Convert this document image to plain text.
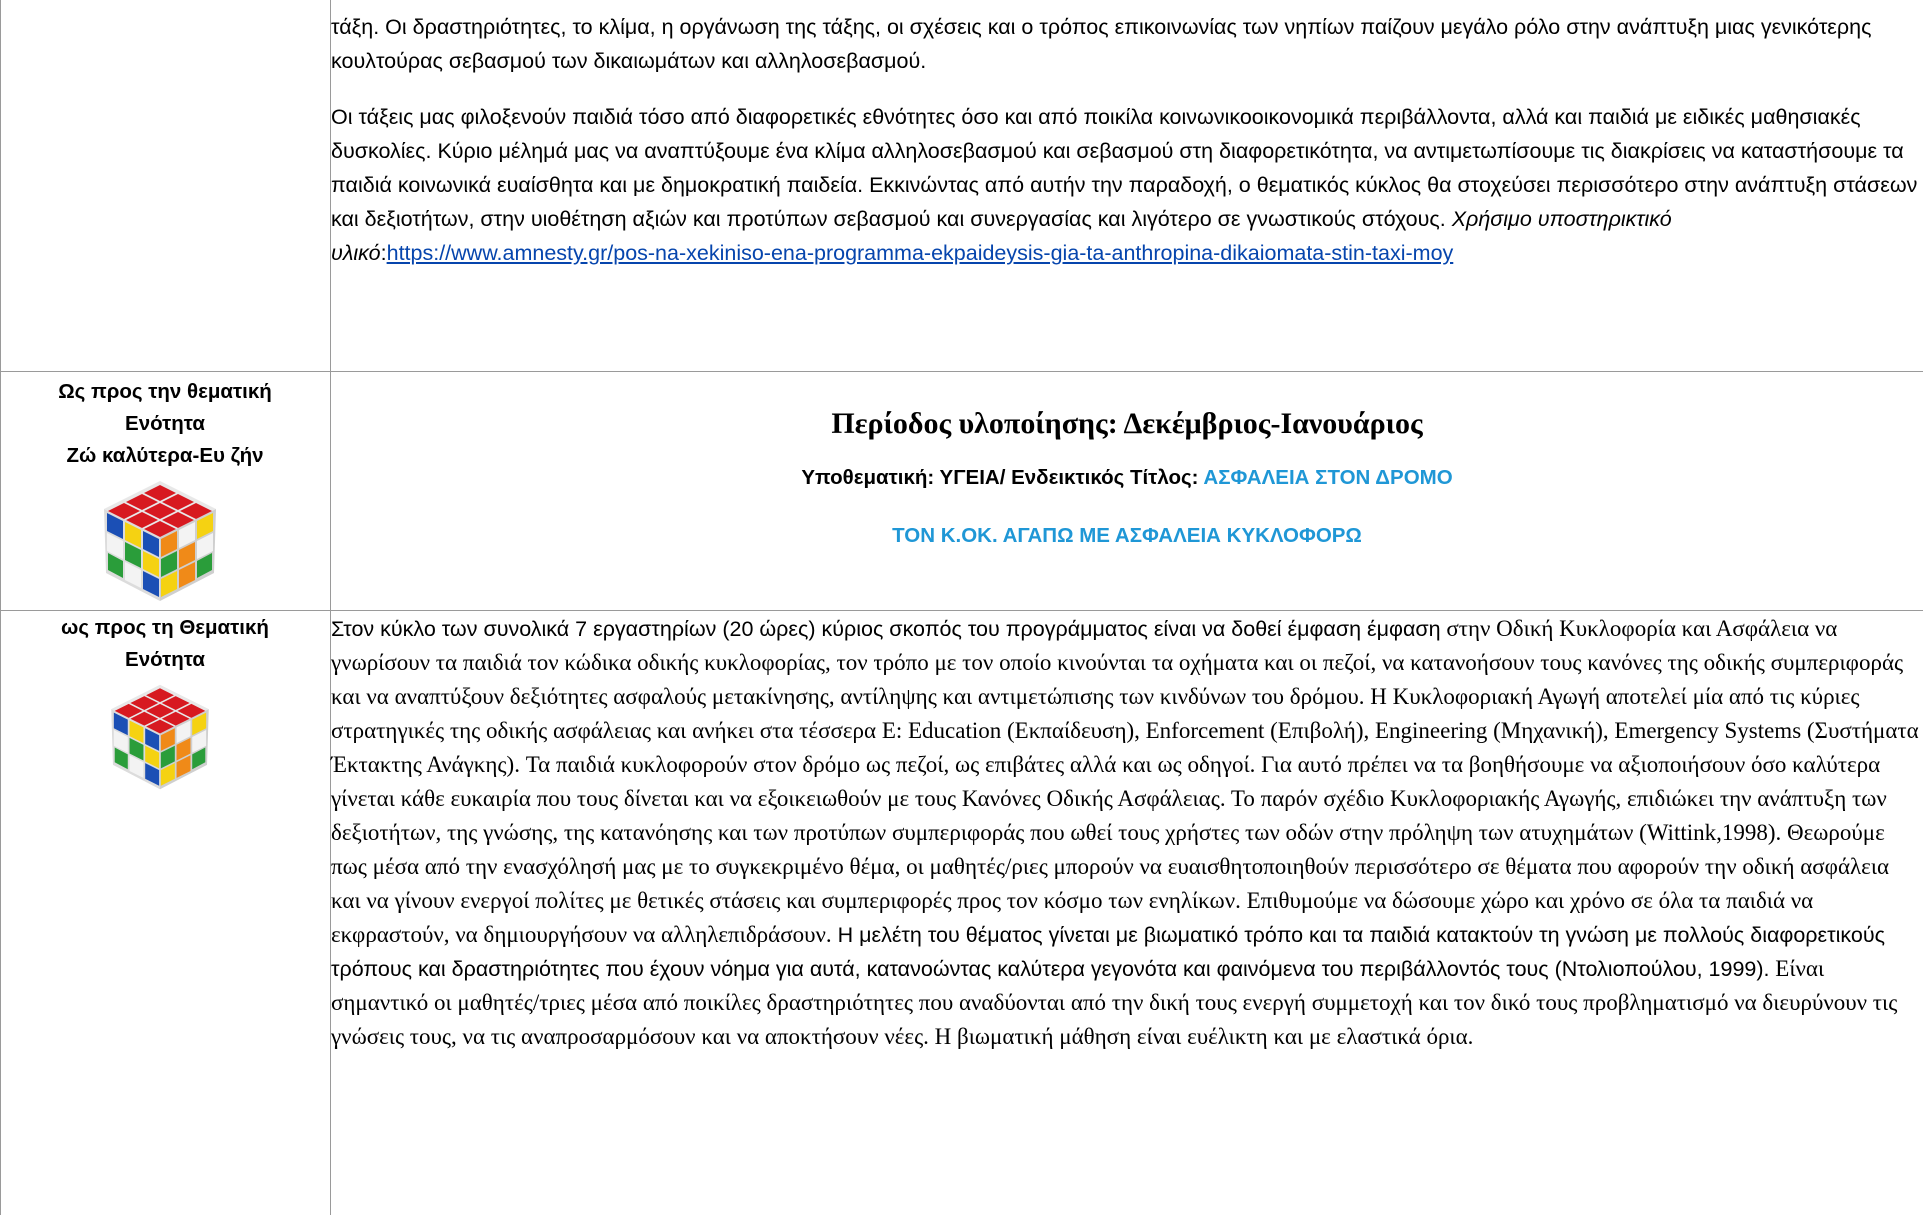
τάξη. Οι δραστηριότητες, το κλίμα, η οργάνωση της τάξης, οι σχέσεις και ο τρόπος επικοινωνίας των νηπίων παίζουν μεγάλο ρόλο στην ανάπτυξη μιας γενικότερης κουλτούρας σεβασμού των δικαιωμάτων και αλληλοσεβασμού.

Οι τάξεις μας φιλοξενούν παιδιά τόσο από διαφορετικές εθνότητες όσο και από ποικίλα κοινωνικοοικονομικά περιβάλλοντα, αλλά και παιδιά με ειδικές μαθησιακές δυσκολίες. Κύριο μέλημά μας να αναπτύξουμε ένα κλίμα αλληλοσεβασμού και σεβασμού στη διαφορετικότητα, να αντιμετωπίσουμε τις διακρίσεις να καταστήσουμε τα παιδιά κοινωνικά ευαίσθητα και με δημοκρατική παιδεία. Εκκινώντας από αυτήν την παραδοχή, ο θεματικός κύκλος θα στοχεύσει περισσότερο στην ανάπτυξη στάσεων και δεξιοτήτων, στην υιοθέτηση αξιών και προτύπων σεβασμού και συνεργασίας και λιγότερο σε γνωστικούς στόχους. Χρήσιμο υποστηρικτικό υλικό:https://www.amnesty.gr/pos-na-xekiniso-ena-programma-ekpaideysis-gia-ta-anthropina-dikaiomata-stin-taxi-moy

Ως προς την θεματική
Ενότητα
Ζώ καλύτερα-Ευ ζήν
Περίοδος υλοποίησης: Δεκέμβριος-Ιανουάριος
Υποθεματική: ΥΓΕΙΑ/ Ενδεικτικός Τίτλος: ΑΣΦΑΛΕΙΑ ΣΤΟΝ ΔΡΟΜΟ
ΤΟΝ Κ.ΟΚ. ΑΓΑΠΩ ΜΕ ΑΣΦΑΛΕΙΑ ΚΥΚΛΟΦΟΡΩ
ως προς τη Θεματική
Ενότητα

Στον κύκλο των συνολικά 7 εργαστηρίων (20 ώρες) κύριος σκοπός του προγράμματος είναι να δοθεί έμφαση έμφαση στην Οδική Κυκλοφορία και Ασφάλεια να γνωρίσουν τα παιδιά τον κώδικα οδικής κυκλοφορίας, τον τρόπο με τον οποίο κινούνται τα οχήματα και οι πεζοί, να κατανοήσουν τους κανόνες της οδικής συμπεριφοράς και να αναπτύξουν δεξιότητες ασφαλούς μετακίνησης, αντίληψης και αντιμετώπισης των κινδύνων του δρόμου. Η Κυκλοφοριακή Αγωγή αποτελεί μία από τις κύριες στρατηγικές της οδικής ασφάλειας και ανήκει στα τέσσερα Ε: Education (Εκπαίδευση), Enforcement (Επιβολή), Engineering (Μηχανική), Emergency Systems (Συστήματα Έκτακτης Ανάγκης). Τα παιδιά κυκλοφορούν στον δρόμο ως πεζοί, ως επιβάτες αλλά και ως οδηγοί. Για αυτό πρέπει να τα βοηθήσουμε να αξιοποιήσουν όσο καλύτερα γίνεται κάθε ευκαιρία που τους δίνεται και να εξοικειωθούν με τους Κανόνες Οδικής Ασφάλειας. Το παρόν σχέδιο Κυκλοφοριακής Αγωγής, επιδιώκει την ανάπτυξη των δεξιοτήτων, της γνώσης, της κατανόησης και των προτύπων συμπεριφοράς που ωθεί τους χρήστες των οδών στην πρόληψη των ατυχημάτων (Wittink,1998). Θεωρούμε πως μέσα από την ενασχόλησή μας με το συγκεκριμένο θέμα, οι μαθητές/ριες μπορούν να ευαισθητοποιηθούν περισσότερο σε θέματα που αφορούν την οδική ασφάλεια και να γίνουν ενεργοί πολίτες με θετικές στάσεις και συμπεριφορές προς τον κόσμο των ενηλίκων. Επιθυμούμε να δώσουμε χώρο και χρόνο σε όλα τα παιδιά να εκφραστούν, να δημιουργήσουν να αλληλεπιδράσουν. Η μελέτη του θέματος γίνεται με βιωματικό τρόπο και τα παιδιά κατακτούν τη γνώση με πολλούς διαφορετικούς τρόπους και δραστηριότητες που έχουν νόημα για αυτά, κατανοώντας καλύτερα γεγονότα και φαινόμενα του περιβάλλοντός τους (Ντολιοπούλου, 1999). Είναι σημαντικό οι μαθητές/τριες μέσα από ποικίλες δραστηριότητες που αναδύονται από την δική τους ενεργή συμμετοχή και τον δικό τους προβληματισμό να διευρύνουν τις γνώσεις τους, να τις αναπροσαρμόσουν και να αποκτήσουν νέες. Η βιωματική μάθηση είναι ευέλικτη και με ελαστικά όρια.
